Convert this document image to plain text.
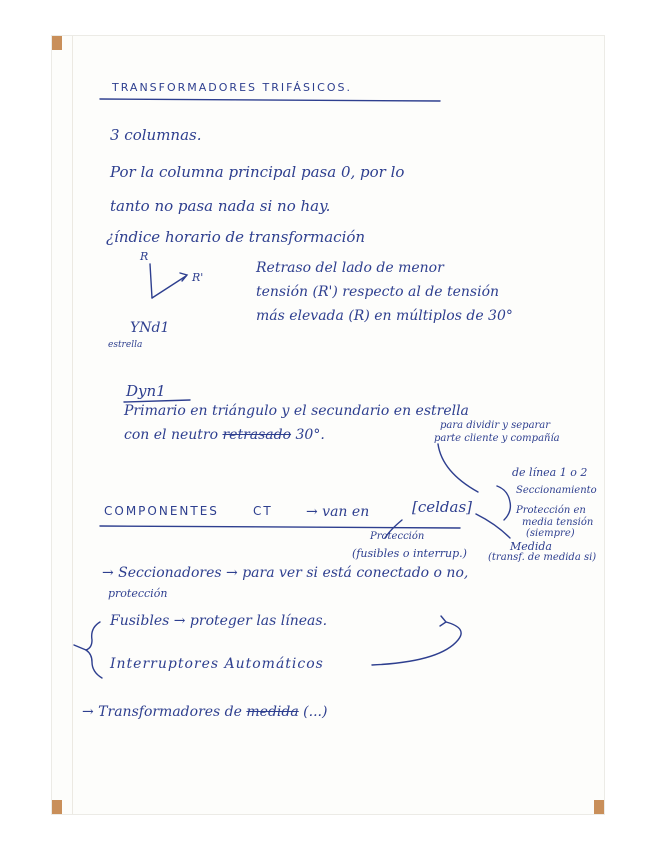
TRANSFORMADORES TRIFÁSICOS.
3 columnas.
Por la columna principal pasa 0, por lo
tanto no pasa nada si no hay.
¿índice horario de transformación
R
R'
Retraso del lado de menor
tensión (R') respecto al de tensión
más elevada (R) en múltiplos de 30°
YNd1
estrella
Dyn1
Primario en triángulo y el secundario en estrella
con el neutro retrasado 30°.
para dividir y separar
parte cliente y compañía
COMPONENTES	CT → van en	[celdas]
de línea 1 o 2
Seccionamiento
Protección en
media tensión
(siempre)
Medida
(transf. de medida si)
Protección
(fusibles o interrup.)
→ Seccionadores → para ver si está conectado o no,
protección
Fusibles → proteger las líneas.
Interruptores Automáticos
→ Transformadores de medida (...)
